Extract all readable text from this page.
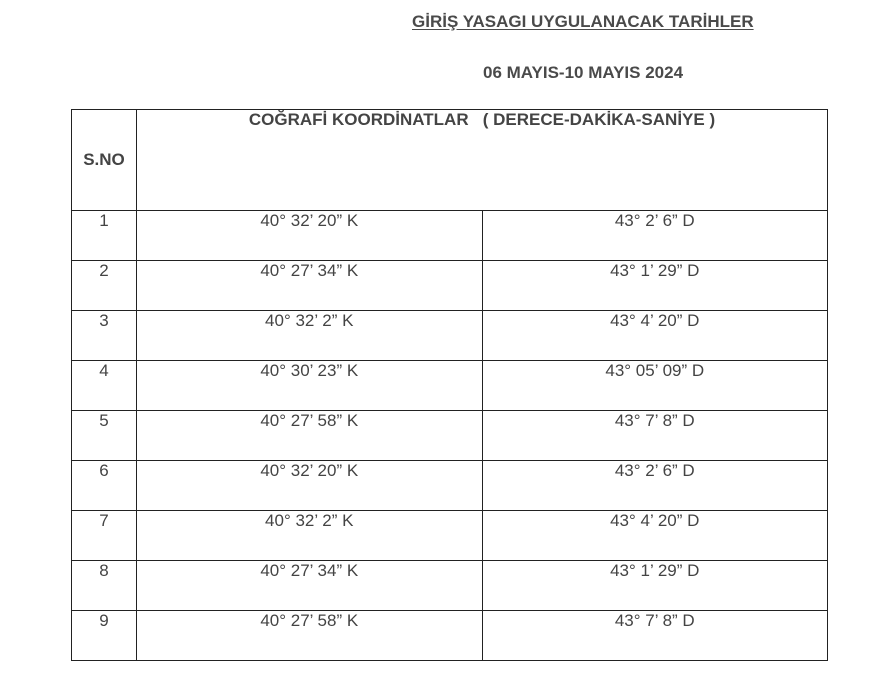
GİRİŞ YASAGI UYGULANACAK TARİHLER
06 MAYIS-10 MAYIS 2024
S.NO	COĞRAFİ KOORDİNATLAR   ( DERECE-DAKİKA-SANİYE )	
1	40° 32’ 20” K	43° 2’ 6” D
2	40° 27’ 34” K	43° 1’ 29” D
3	40° 32’ 2” K	43° 4’ 20” D
4	40° 30’ 23” K	43° 05’ 09” D
5	40° 27’ 58” K	43° 7’ 8” D
6	40° 32’ 20” K	43° 2’ 6” D
7	40° 32’ 2” K	43° 4’ 20” D
8	40° 27’ 34” K	43° 1’ 29” D
9	40° 27’ 58” K	43° 7’ 8” D
